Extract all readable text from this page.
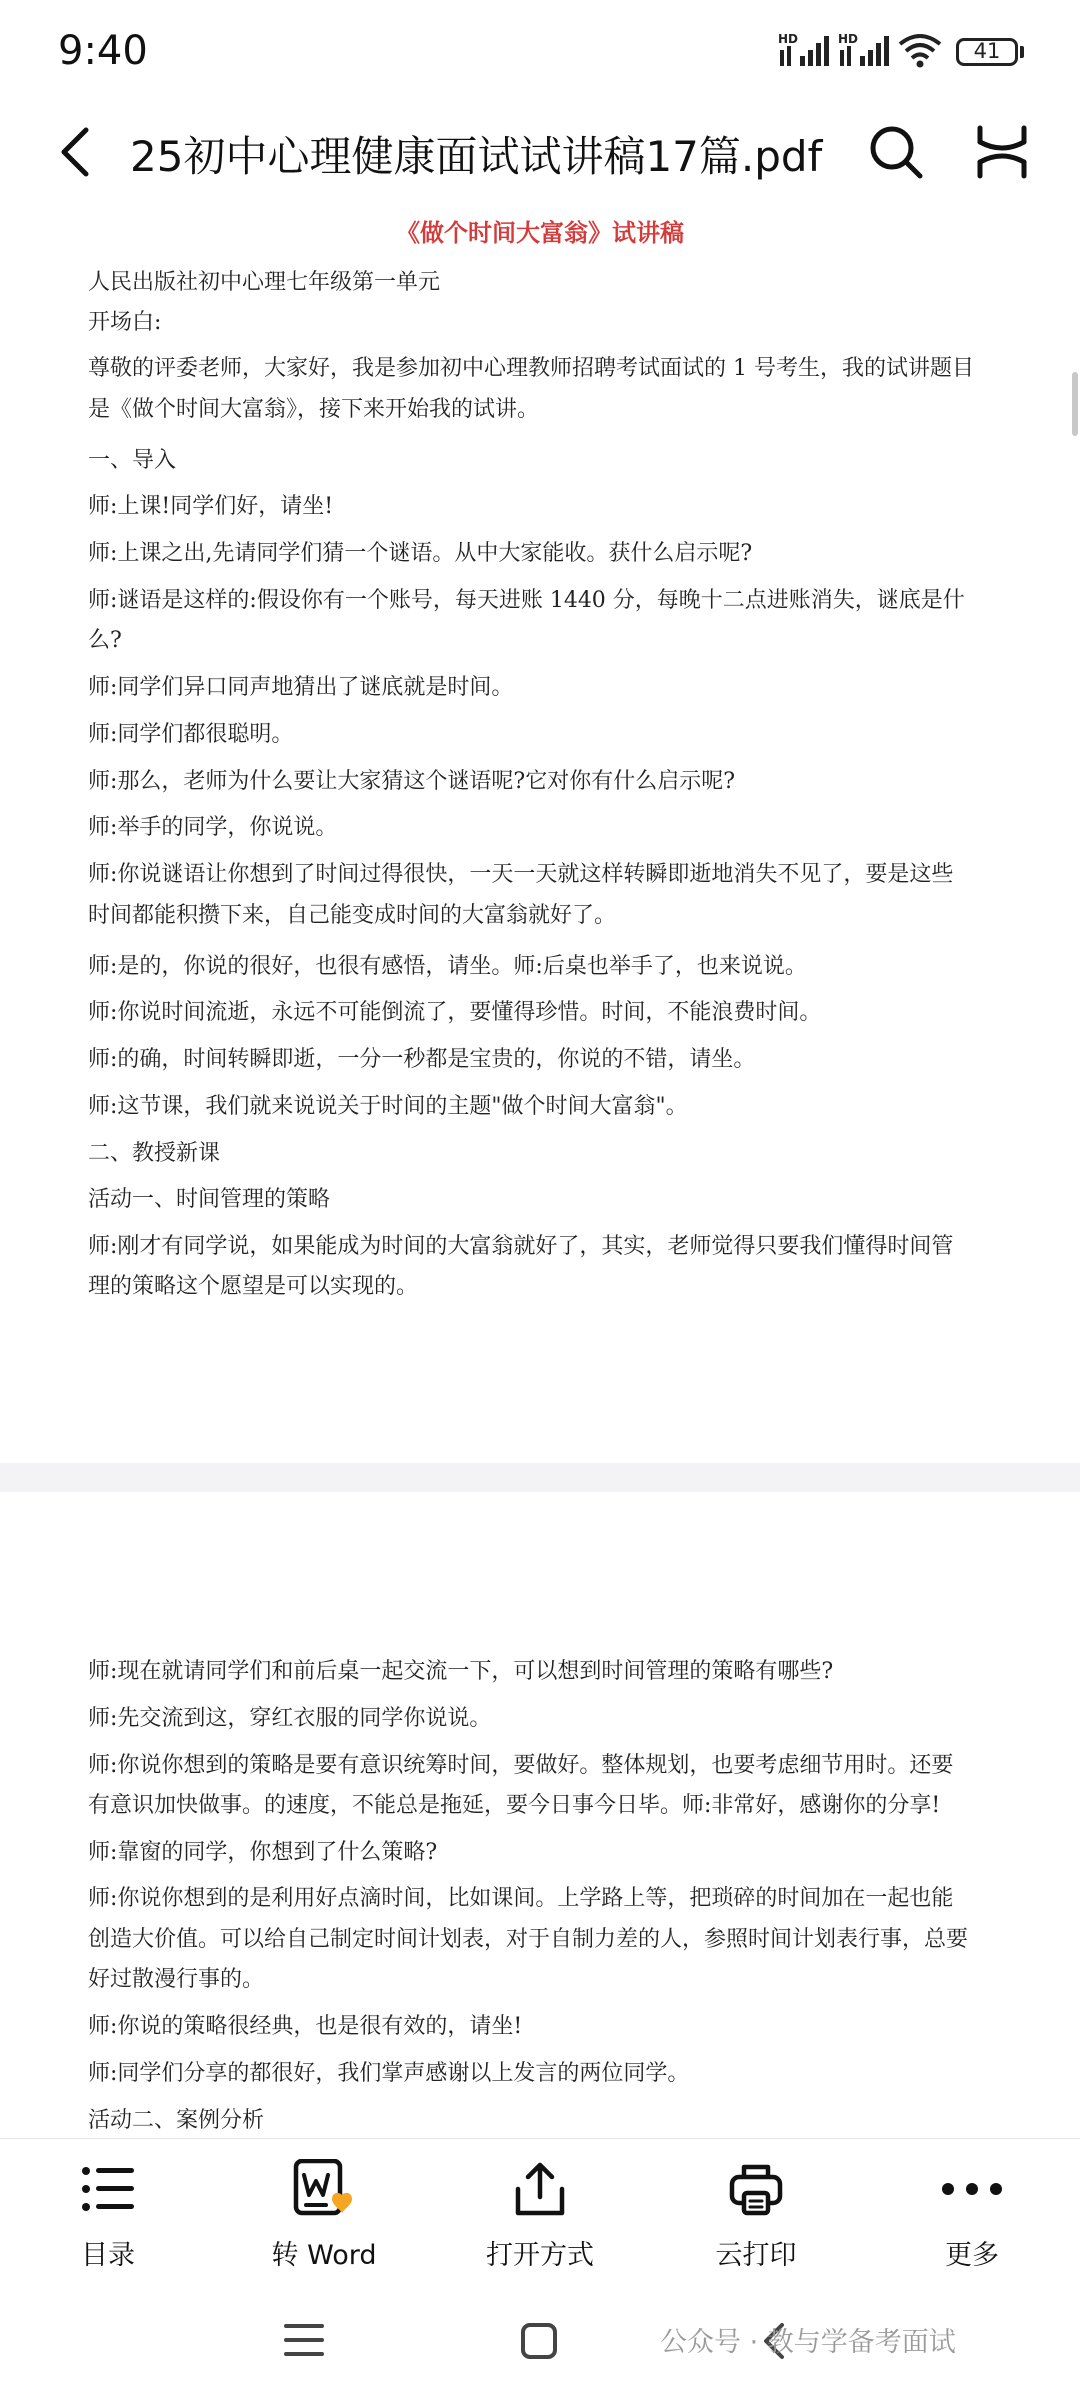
9:40	HD	HD	41
25初中心理健康面试试讲稿17篇.pdf
《做个时间大富翁》试讲稿
人民出版社初中心理七年级第一单元
开场白:
尊敬的评委老师，大家好，我是参加初中心理教师招聘考试面试的 1 号考生，我的试讲题目
是《做个时间大富翁》，接下来开始我的试讲。
一、导入
师:上课!同学们好，请坐!
师:上课之出,先请同学们猜一个谜语。从中大家能收。获什么启示呢?
师:谜语是这样的:假设你有一个账号，每天进账 1440 分，每晚十二点进账消失，谜底是什
么?
师:同学们异口同声地猜出了谜底就是时间。
师:同学们都很聪明。
师:那么，老师为什么要让大家猜这个谜语呢?它对你有什么启示呢?
师:举手的同学，你说说。
师:你说谜语让你想到了时间过得很快，一天一天就这样转瞬即逝地消失不见了，要是这些
时间都能积攒下来，自己能变成时间的大富翁就好了。
师:是的，你说的很好，也很有感悟，请坐。师:后桌也举手了，也来说说。
师:你说时间流逝，永远不可能倒流了，要懂得珍惜。时间，不能浪费时间。
师:的确，时间转瞬即逝，一分一秒都是宝贵的，你说的不错，请坐。
师:这节课，我们就来说说关于时间的主题"做个时间大富翁"。
二、教授新课
活动一、时间管理的策略
师:刚才有同学说，如果能成为时间的大富翁就好了，其实，老师觉得只要我们懂得时间管
理的策略这个愿望是可以实现的。
师:现在就请同学们和前后桌一起交流一下，可以想到时间管理的策略有哪些?
师:先交流到这，穿红衣服的同学你说说。
师:你说你想到的策略是要有意识统筹时间，要做好。整体规划，也要考虑细节用时。还要
有意识加快做事。的速度，不能总是拖延，要今日事今日毕。师:非常好，感谢你的分享!
师:靠窗的同学，你想到了什么策略?
师:你说你想到的是利用好点滴时间，比如课间。上学路上等，把琐碎的时间加在一起也能
创造大价值。可以给自己制定时间计划表，对于自制力差的人，参照时间计划表行事，总要
好过散漫行事的。
师:你说的策略很经典，也是很有效的，请坐!
师:同学们分享的都很好，我们掌声感谢以上发言的两位同学。
活动二、案例分析
目录	转 Word	打开方式	云打印	更多
公众号 · 教与学备考面试
